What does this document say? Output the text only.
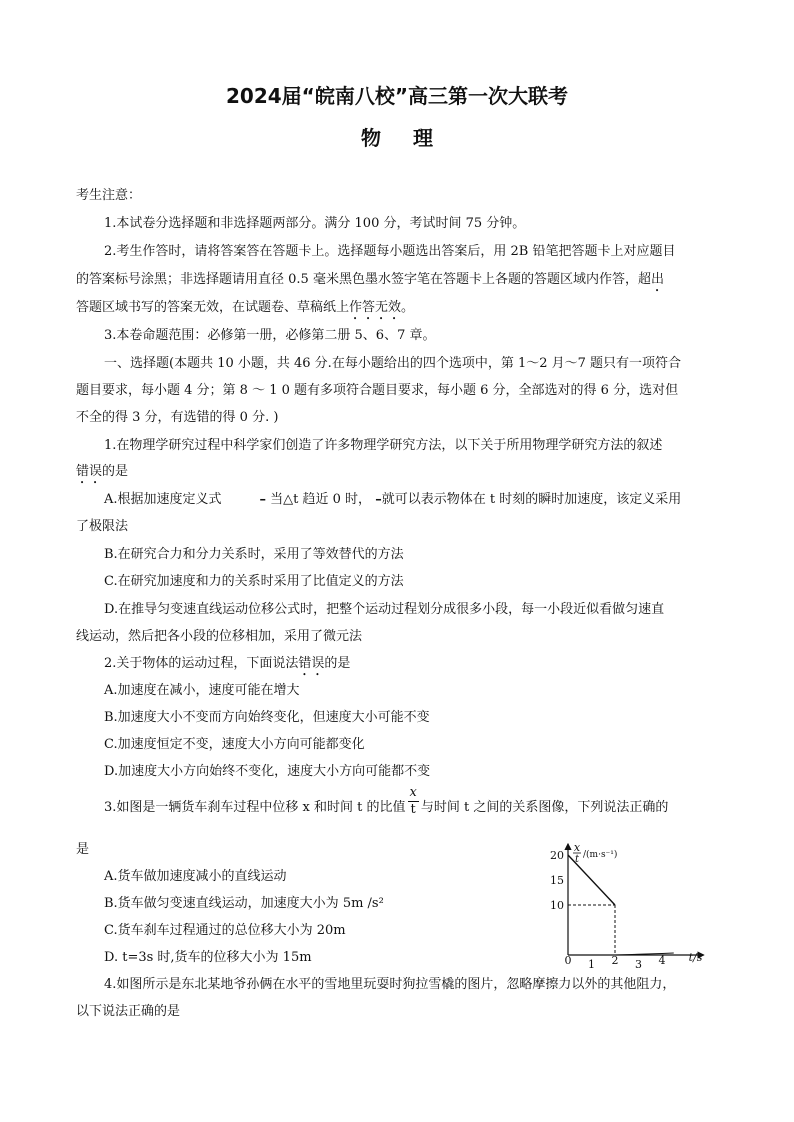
2024届“皖南八校”高三第一次大联考
物理
考生注意：
1.本试卷分选择题和非选择题两部分。满分 100 分，考试时间 75 分钟。
2.考生作答时，请将答案答在答题卡上。选择题每小题选出答案后，用 2B 铅笔把答题卡上对应题目
的答案标号涂黑；非选择题请用直径 0.5 毫米黑色墨水签字笔在答题卡上各题的答题区域内作答，超出
答题区域书写的答案无效，在试题卷、草稿纸上作答无效。
3.本卷命题范围：必修第一册，必修第二册 5、6、7 章。
一、选择题(本题共 10 小题，共 46 分.在每小题给出的四个选项中，第 1～2 月～7 题只有一项符合
题目要求，每小题 4 分；第 8 ～ 1 0 题有多项符合题目要求，每小题 6 分，全部选对的得 6 分，选对但
不全的得 3 分，有选错的得 0 分. )
1.在物理学研究过程中科学家们创造了许多物理学研究方法，以下关于所用物理学研究方法的叙述
错误的是
A.根据加速度定义式	– 当△t 趋近 0 时， –就可以表示物体在 t 时刻的瞬时加速度，该定义采用
了极限法
B.在研究合力和分力关系时，采用了等效替代的方法
C.在研究加速度和力的关系时采用了比值定义的方法
D.在推导匀变速直线运动位移公式时，把整个运动过程划分成很多小段，每一小段近似看做匀速直
线运动，然后把各小段的位移相加，采用了微元法
2.关于物体的运动过程，下面说法错误的是
A.加速度在减小，速度可能在增大
B.加速度大小不变而方向始终变化，但速度大小可能不变
C.加速度恒定不变，速度大小方向可能都变化
D.加速度大小方向始终不变化，速度大小方向可能都不变
3.如图是一辆货车刹车过程中位移 x 和时间 t 的比值 $\frac{x}{t}$ 与时间 t 之间的关系图像，下列说法正确的
是
A.货车做加速度减小的直线运动
B.货车做匀变速直线运动，加速度大小为 5m /s²
C.货车刹车过程通过的总位移大小为 20m
D. t=3s 时,货车的位移大小为 15m
4.如图所示是东北某地爷孙俩在水平的雪地里玩耍时狗拉雪橇的图片，忽略摩擦力以外的其他阻力，
以下说法正确的是
20
15
10
0 1 2 3 4 t/s
x
t /(m·s⁻¹)
